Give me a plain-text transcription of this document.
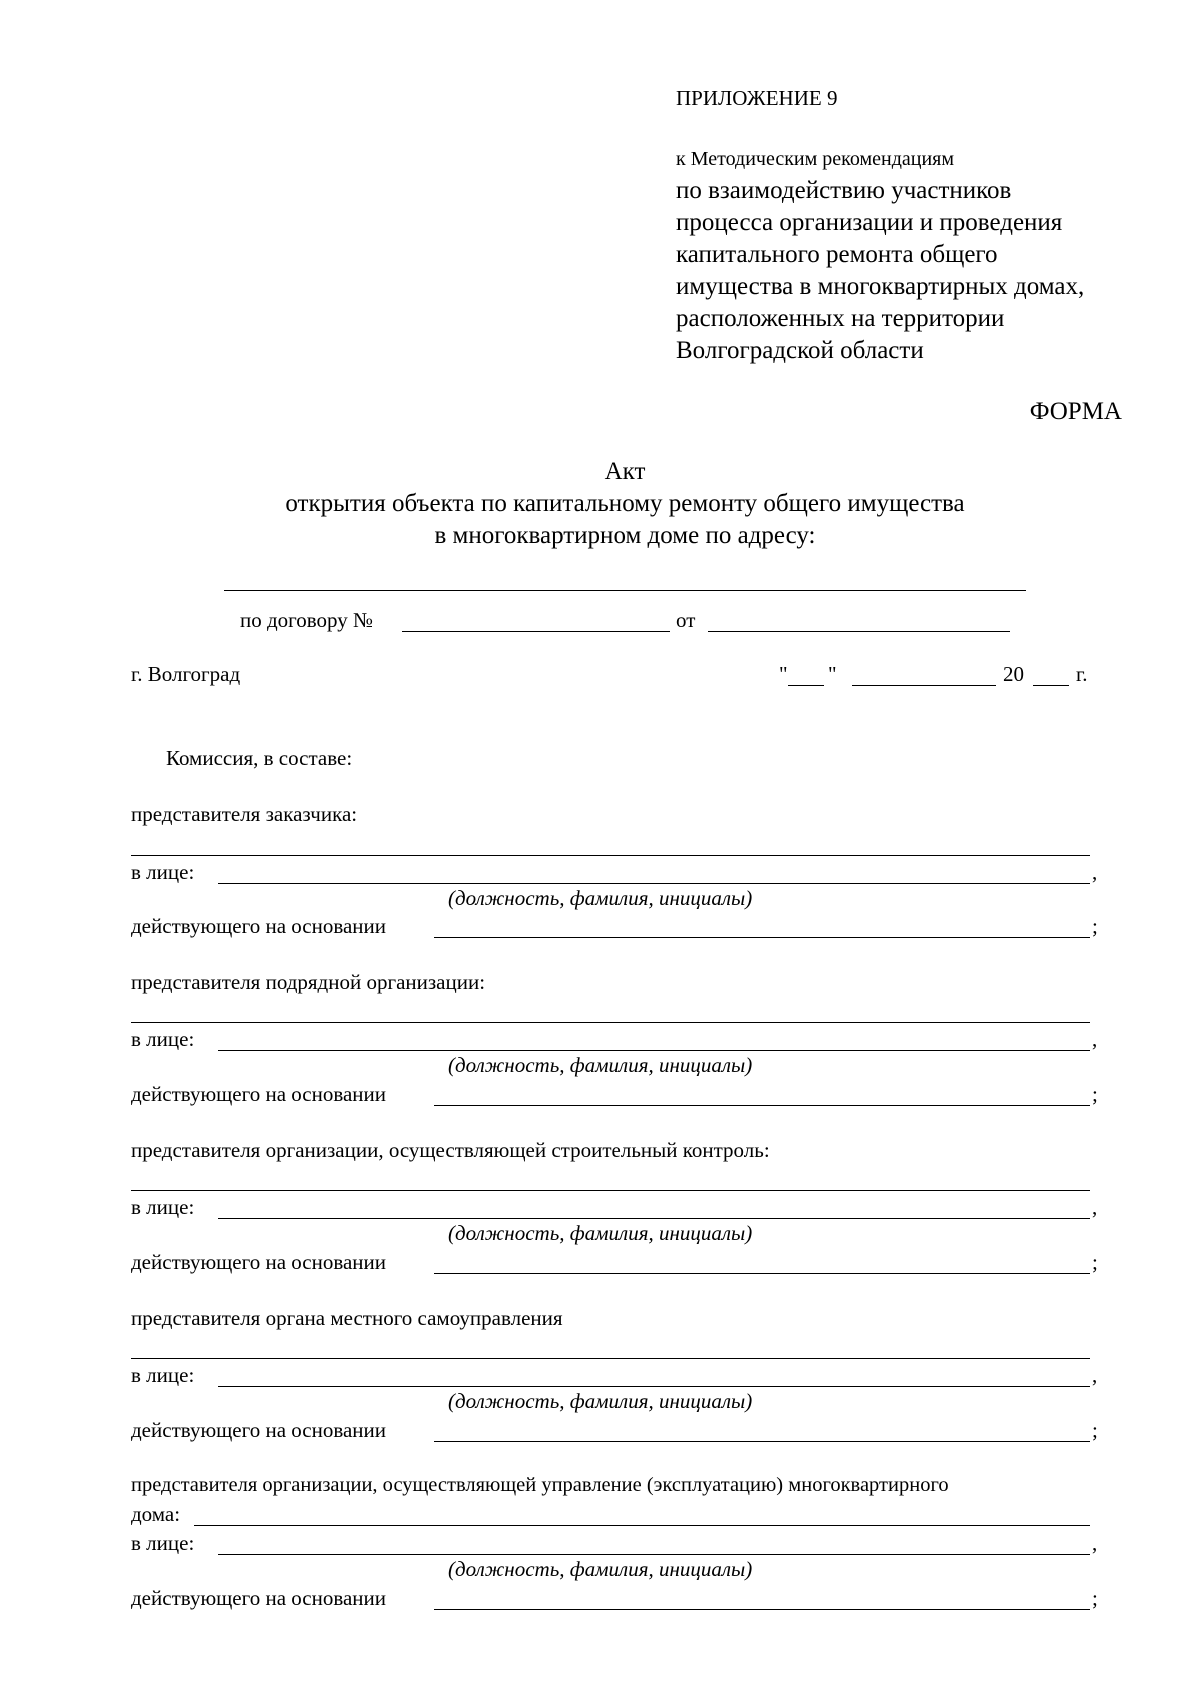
ПРИЛОЖЕНИЕ 9
к Методическим рекомендациям
по взаимодействию участников
процесса организации и проведения
капитального ремонта общего
имущества в многоквартирных домах,
расположенных на территории
Волгоградской области
ФОРМА
Акт
открытия объекта по капитальному ремонту общего имущества
в многоквартирном доме по адресу:
по договору №	от
г. Волгоград	" "	20 г.
Комиссия, в составе:
представителя заказчика:
в лице:	,
(должность, фамилия, инициалы)
действующего на основании	;
представителя подрядной организации:
в лице:	,
(должность, фамилия, инициалы)
действующего на основании	;
представителя организации, осуществляющей строительный контроль:
в лице:	,
(должность, фамилия, инициалы)
действующего на основании	;
представителя органа местного самоуправления
в лице:	,
(должность, фамилия, инициалы)
действующего на основании	;
представителя организации, осуществляющей управление (эксплуатацию) многоквартирного
дома:
в лице:	,
(должность, фамилия, инициалы)
действующего на основании	;
